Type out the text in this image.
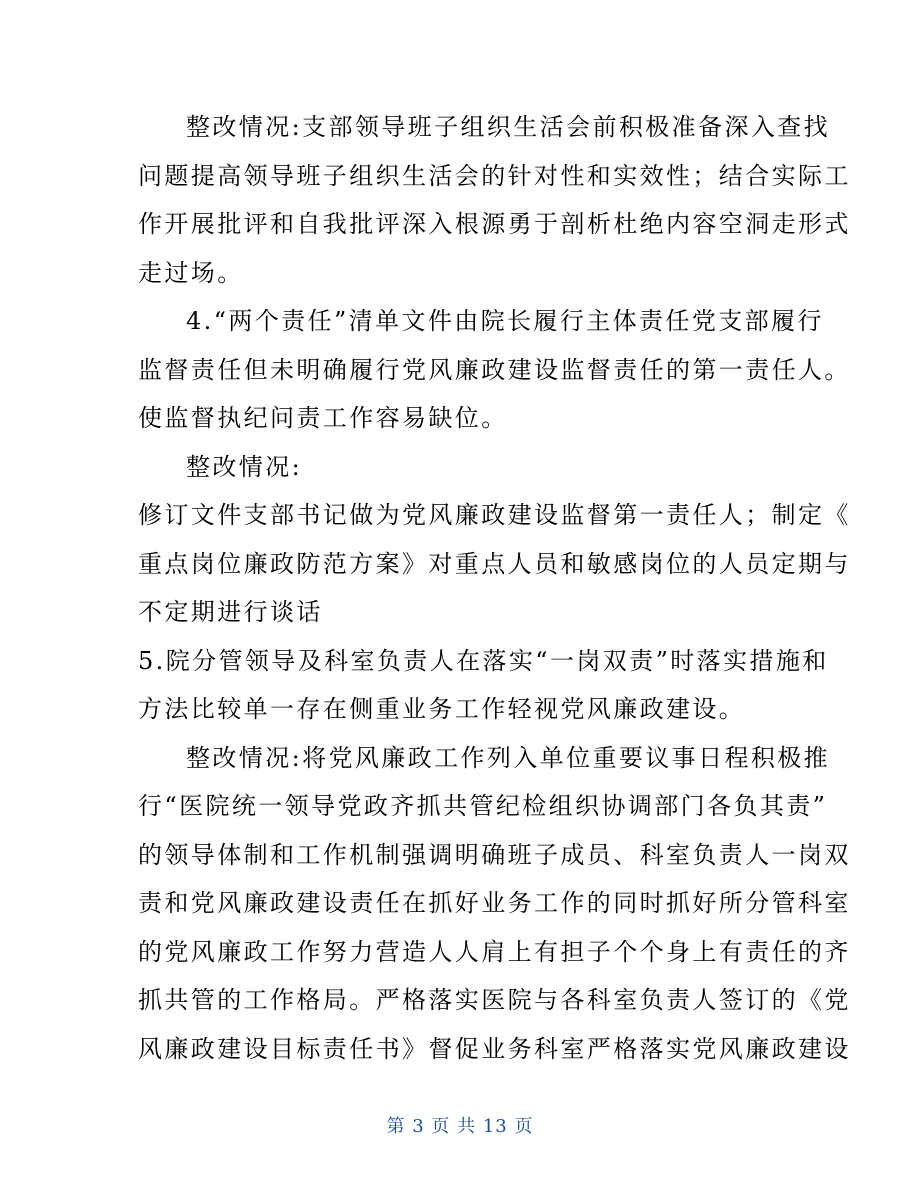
整改情况:支部领导班子组织生活会前积极准备深入查找
问题提高领导班子组织生活会的针对性和实效性；结合实际工
作开展批评和自我批评深入根源勇于剖析杜绝内容空洞走形式
走过场。
4.“两个责任”清单文件由院长履行主体责任党支部履行
监督责任但未明确履行党风廉政建设监督责任的第一责任人。
使监督执纪问责工作容易缺位。
整改情况:
修订文件支部书记做为党风廉政建设监督第一责任人；制定《
重点岗位廉政防范方案》对重点人员和敏感岗位的人员定期与
不定期进行谈话
5.院分管领导及科室负责人在落实“一岗双责”时落实措施和
方法比较单一存在侧重业务工作轻视党风廉政建设。
整改情况:将党风廉政工作列入单位重要议事日程积极推
行“医院统一领导党政齐抓共管纪检组织协调部门各负其责”
的领导体制和工作机制强调明确班子成员、科室负责人一岗双
责和党风廉政建设责任在抓好业务工作的同时抓好所分管科室
的党风廉政工作努力营造人人肩上有担子个个身上有责任的齐
抓共管的工作格局。严格落实医院与各科室负责人签订的《党
风廉政建设目标责任书》督促业务科室严格落实党风廉政建设
第 3 页 共 13 页
